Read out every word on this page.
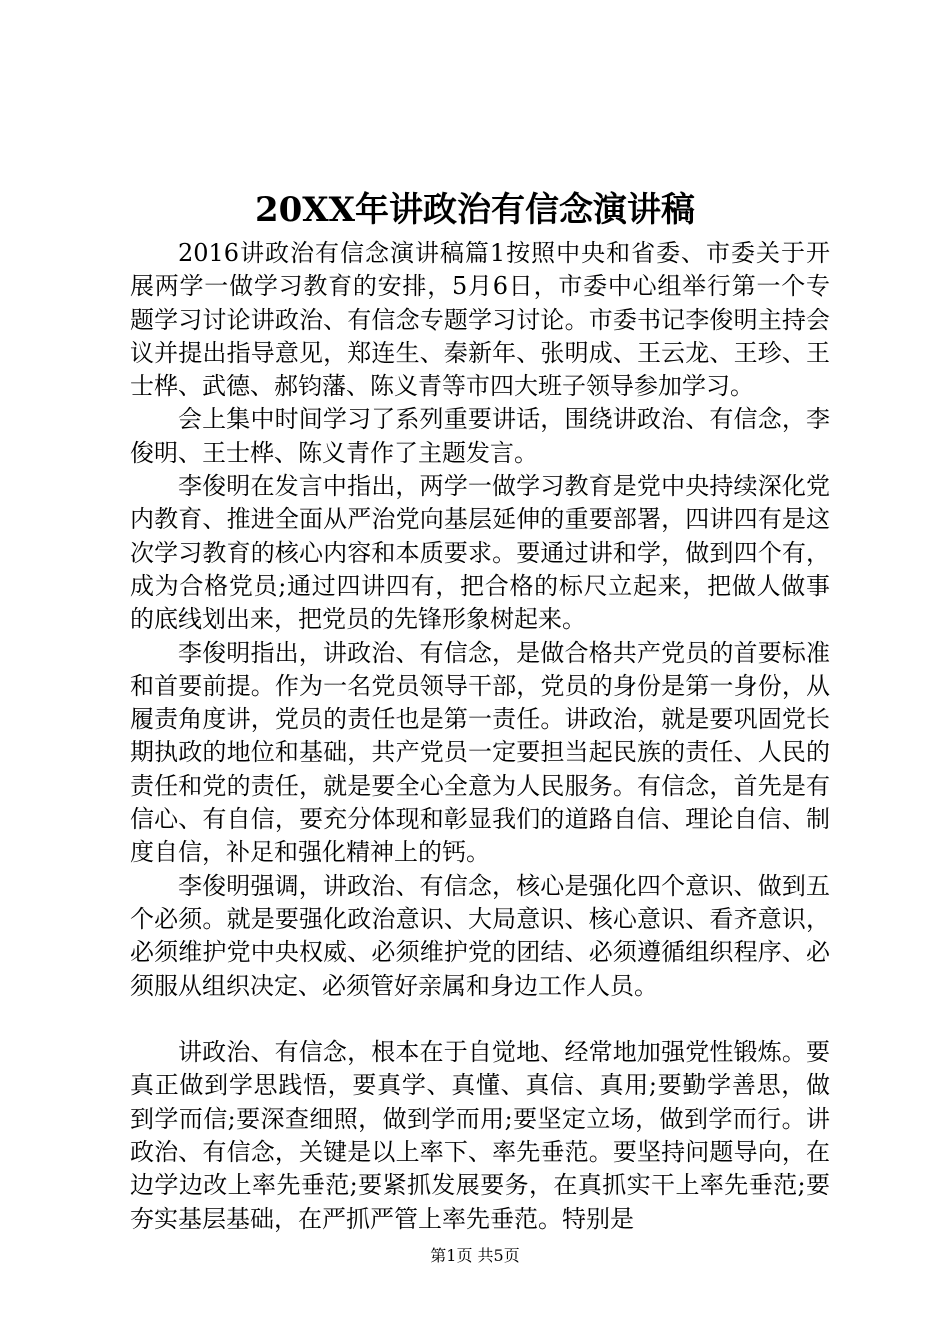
20XX年讲政治有信念演讲稿

2016讲政治有信念演讲稿篇1按照中央和省委、市委关于开展两学一做学习教育的安排，5月6日，市委中心组举行第一个专题学习讨论讲政治、有信念专题学习讨论。市委书记李俊明主持会议并提出指导意见，郑连生、秦新年、张明成、王云龙、王珍、王士桦、武德、郝钧藩、陈义青等市四大班子领导参加学习。

会上集中时间学习了系列重要讲话，围绕讲政治、有信念，李俊明、王士桦、陈义青作了主题发言。

李俊明在发言中指出，两学一做学习教育是党中央持续深化党内教育、推进全面从严治党向基层延伸的重要部署，四讲四有是这次学习教育的核心内容和本质要求。要通过讲和学，做到四个有，成为合格党员;通过四讲四有，把合格的标尺立起来，把做人做事的底线划出来，把党员的先锋形象树起来。

李俊明指出，讲政治、有信念，是做合格共产党员的首要标准和首要前提。作为一名党员领导干部，党员的身份是第一身份，从履责角度讲，党员的责任也是第一责任。讲政治，就是要巩固党长期执政的地位和基础，共产党员一定要担当起民族的责任、人民的责任和党的责任，就是要全心全意为人民服务。有信念，首先是有信心、有自信，要充分体现和彰显我们的道路自信、理论自信、制度自信，补足和强化精神上的钙。

李俊明强调，讲政治、有信念，核心是强化四个意识、做到五个必须。就是要强化政治意识、大局意识、核心意识、看齐意识，必须维护党中央权威、必须维护党的团结、必须遵循组织程序、必须服从组织决定、必须管好亲属和身边工作人员。

讲政治、有信念，根本在于自觉地、经常地加强党性锻炼。要真正做到学思践悟，要真学、真懂、真信、真用;要勤学善思，做到学而信;要深查细照，做到学而用;要坚定立场，做到学而行。讲政治、有信念，关键是以上率下、率先垂范。要坚持问题导向，在边学边改上率先垂范;要紧抓发展要务，在真抓实干上率先垂范;要夯实基层基础，在严抓严管上率先垂范。特别是

第1页 共5页
